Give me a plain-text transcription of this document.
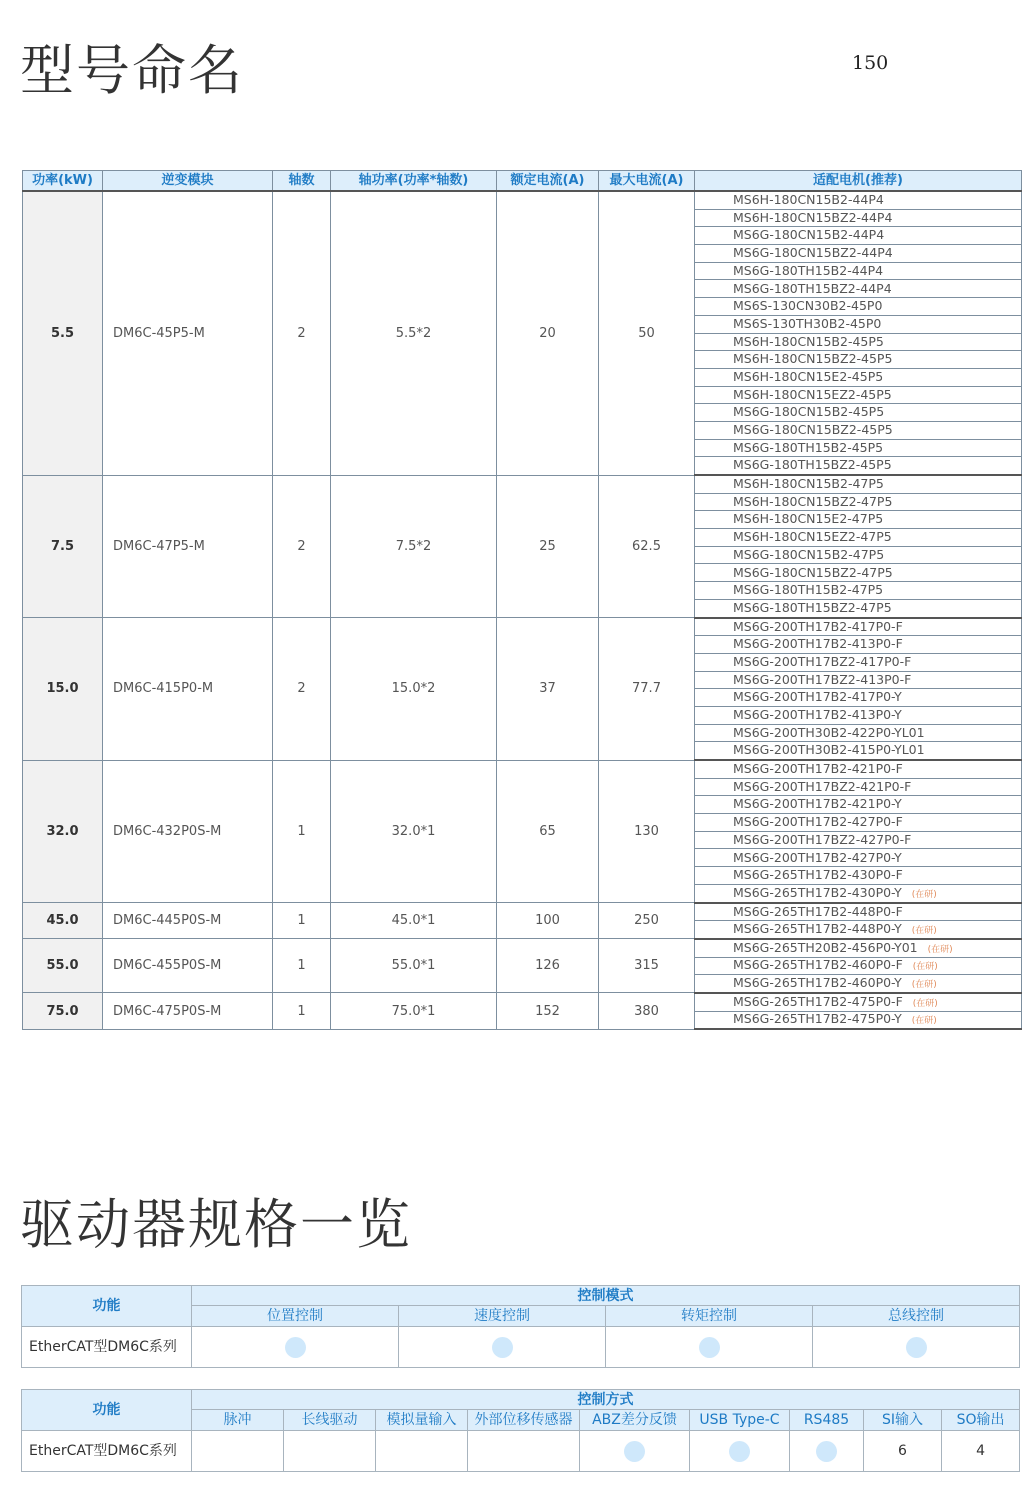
型号命名	150
功率(kW)	逆变模块	轴数	轴功率(功率*轴数)	额定电流(A)	最大电流(A)	适配电机(推荐)
5.5	DM6C-45P5-M	2	5.5*2	20	50	MS6H-180CN15B2-44P4
						MS6H-180CN15BZ2-44P4
						MS6G-180CN15B2-44P4
						MS6G-180CN15BZ2-44P4
						MS6G-180TH15B2-44P4
						MS6G-180TH15BZ2-44P4
						MS6S-130CN30B2-45P0
						MS6S-130TH30B2-45P0
						MS6H-180CN15B2-45P5
						MS6H-180CN15BZ2-45P5
						MS6H-180CN15E2-45P5
						MS6H-180CN15EZ2-45P5
						MS6G-180CN15B2-45P5
						MS6G-180CN15BZ2-45P5
						MS6G-180TH15B2-45P5
						MS6G-180TH15BZ2-45P5
7.5	DM6C-47P5-M	2	7.5*2	25	62.5	MS6H-180CN15B2-47P5
						MS6H-180CN15BZ2-47P5
						MS6H-180CN15E2-47P5
						MS6H-180CN15EZ2-47P5
						MS6G-180CN15B2-47P5
						MS6G-180CN15BZ2-47P5
						MS6G-180TH15B2-47P5
						MS6G-180TH15BZ2-47P5
15.0	DM6C-415P0-M	2	15.0*2	37	77.7	MS6G-200TH17B2-417P0-F
						MS6G-200TH17B2-413P0-F
						MS6G-200TH17BZ2-417P0-F
						MS6G-200TH17BZ2-413P0-F
						MS6G-200TH17B2-417P0-Y
						MS6G-200TH17B2-413P0-Y
						MS6G-200TH30B2-422P0-YL01
						MS6G-200TH30B2-415P0-YL01
32.0	DM6C-432P0S-M	1	32.0*1	65	130	MS6G-200TH17B2-421P0-F
						MS6G-200TH17BZ2-421P0-F
						MS6G-200TH17B2-421P0-Y
						MS6G-200TH17B2-427P0-F
						MS6G-200TH17BZ2-427P0-F
						MS6G-200TH17B2-427P0-Y
						MS6G-265TH17B2-430P0-F
						MS6G-265TH17B2-430P0-Y (在研)
45.0	DM6C-445P0S-M	1	45.0*1	100	250	MS6G-265TH17B2-448P0-F
						MS6G-265TH17B2-448P0-Y (在研)
55.0	DM6C-455P0S-M	1	55.0*1	126	315	MS6G-265TH20B2-456P0-Y01 (在研)
						MS6G-265TH17B2-460P0-F (在研)
						MS6G-265TH17B2-460P0-Y (在研)
75.0	DM6C-475P0S-M	1	75.0*1	152	380	MS6G-265TH17B2-475P0-F (在研)
						MS6G-265TH17B2-475P0-Y (在研)
驱动器规格一览
功能	控制模式			
	位置控制	速度控制	转矩控制	总线控制
EtherCAT型DM6C系列				
功能	控制方式								
	脉冲	长线驱动	模拟量输入	外部位移传感器	ABZ差分反馈	USB Type-C	RS485	SI输入	SO输出
EtherCAT型DM6C系列								6	4
